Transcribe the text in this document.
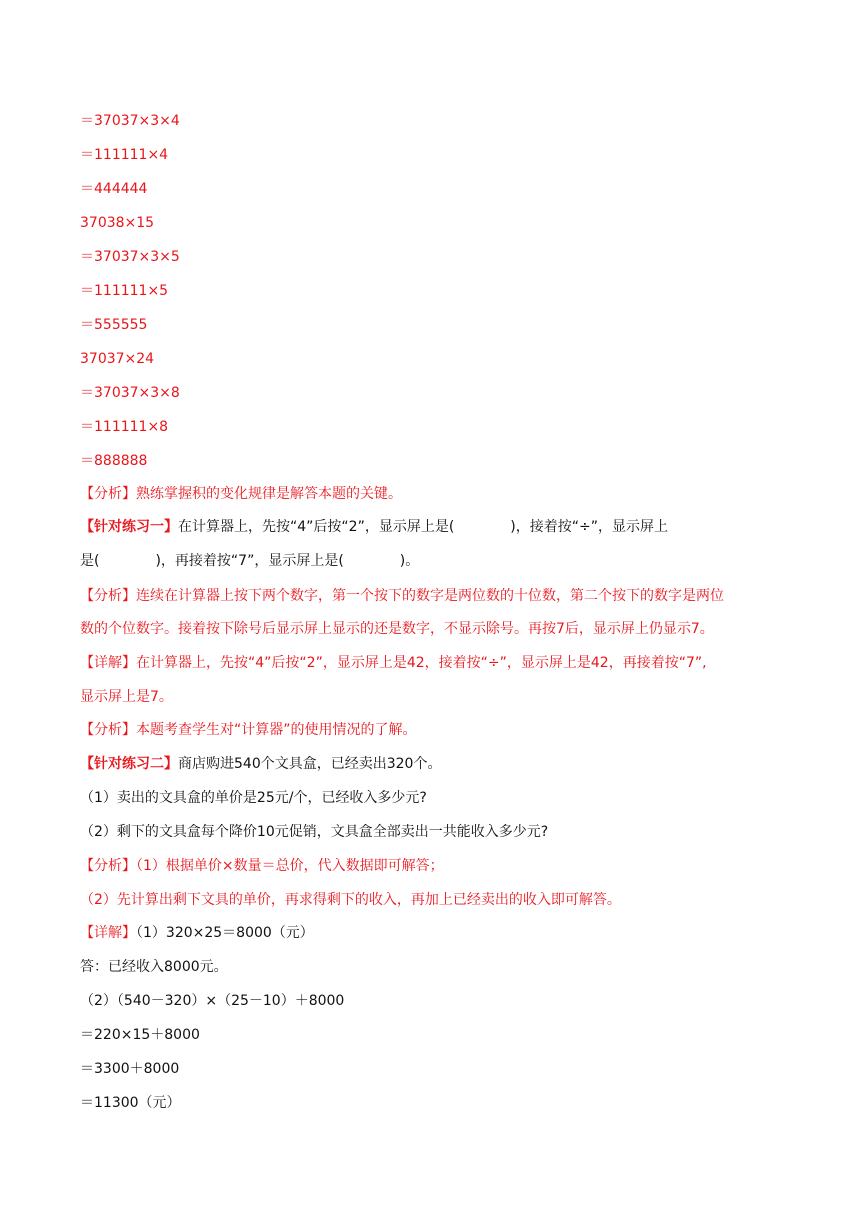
＝37037×3×4
＝111111×4
＝444444
37038×15
＝37037×3×5
＝111111×5
＝555555
37037×24
＝37037×3×8
＝111111×8
＝888888
【分析】熟练掌握积的变化规律是解答本题的关键。
【针对练习一】在计算器上，先按“4”后按“2”，显示屏上是(　　　　)，接着按“÷”，显示屏上
是(　　　　)，再接着按“7”，显示屏上是(　　　　)。
【分析】连续在计算器上按下两个数字，第一个按下的数字是两位数的十位数，第二个按下的数字是两位
数的个位数字。接着按下除号后显示屏上显示的还是数字，不显示除号。再按7后，显示屏上仍显示7。
【详解】在计算器上，先按“4”后按“2”，显示屏上是42，接着按“÷”，显示屏上是42，再接着按“7”,
显示屏上是7。
【分析】本题考查学生对“计算器”的使用情况的了解。
【针对练习二】商店购进540个文具盒，已经卖出320个。
（1）卖出的文具盒的单价是25元/个，已经收入多少元?
（2）剩下的文具盒每个降价10元促销，文具盒全部卖出一共能收入多少元?
【分析】（1）根据单价×数量＝总价，代入数据即可解答；
（2）先计算出剩下文具的单价，再求得剩下的收入，再加上已经卖出的收入即可解答。
【详解】（1）320×25＝8000（元）
答：已经收入8000元。
（2）（540－320）×（25－10）＋8000
＝220×15＋8000
＝3300＋8000
＝11300（元）
